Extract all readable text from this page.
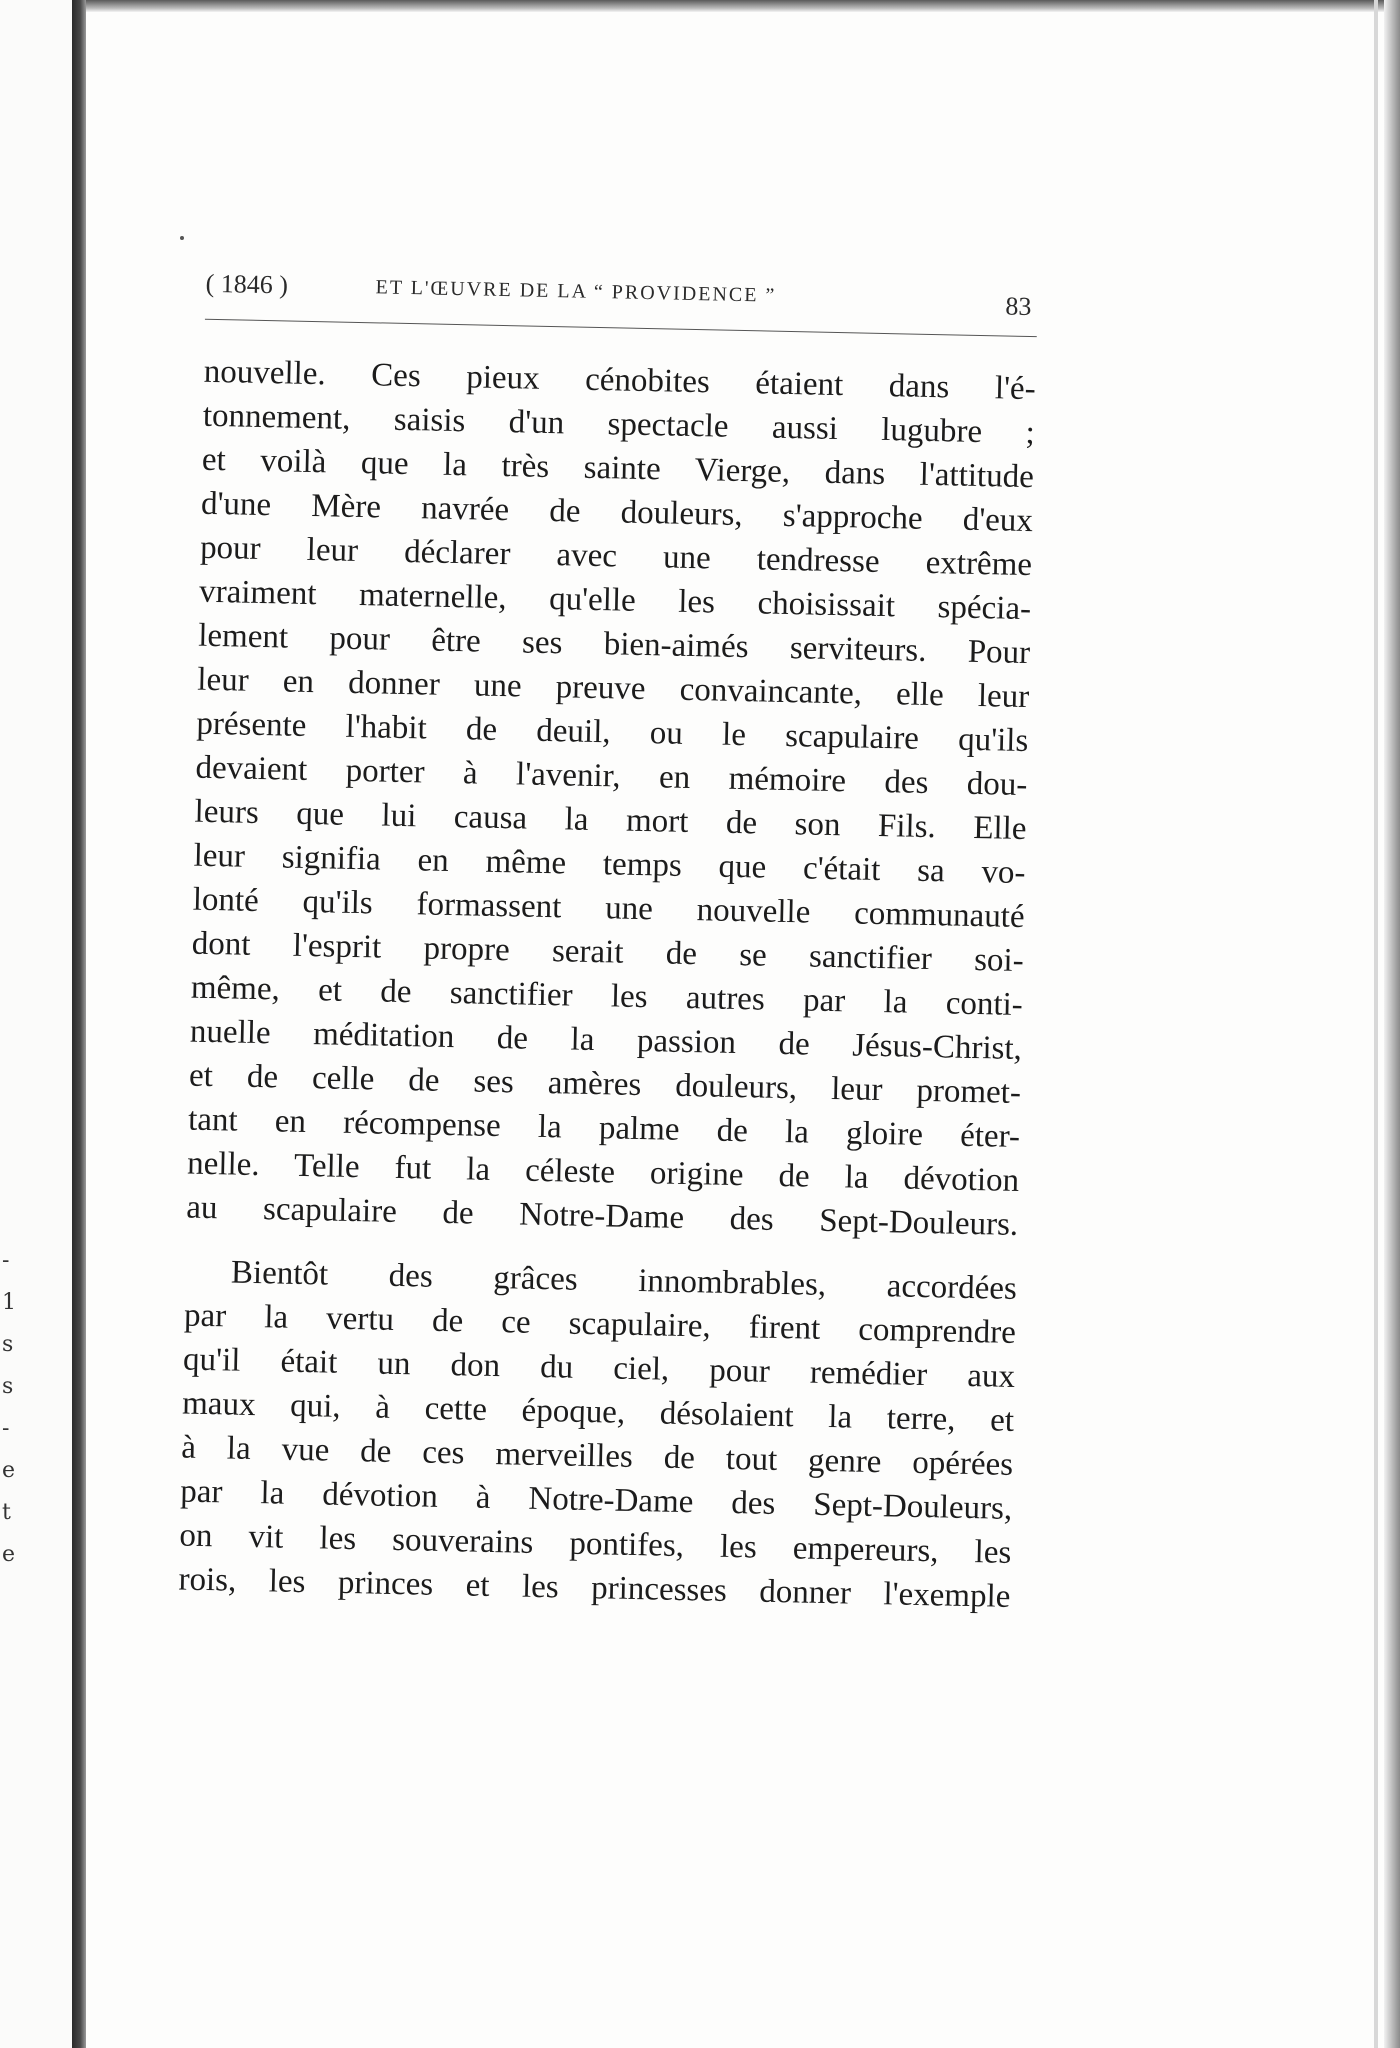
-
1
s
s
-
e
t
e
( 1846 )	ET L'ŒUVRE DE LA “ PROVIDENCE ”	83
nouvelle. Ces pieux cénobites étaient dans l'é-
tonnement, saisis d'un spectacle aussi lugubre ;
et voilà que la très sainte Vierge, dans l'attitude
d'une Mère navrée de douleurs, s'approche d'eux
pour leur déclarer avec une tendresse extrême
vraiment maternelle, qu'elle les choisissait spécia-
lement pour être ses bien-aimés serviteurs. Pour
leur en donner une preuve convaincante, elle leur
présente l'habit de deuil, ou le scapulaire qu'ils
devaient porter à l'avenir, en mémoire des dou-
leurs que lui causa la mort de son Fils. Elle
leur signifia en même temps que c'était sa vo-
lonté qu'ils formassent une nouvelle communauté
dont l'esprit propre serait de se sanctifier soi-
même, et de sanctifier les autres par la conti-
nuelle méditation de la passion de Jésus-Christ,
et de celle de ses amères douleurs, leur promet-
tant en récompense la palme de la gloire éter-
nelle. Telle fut la céleste origine de la dévotion
au scapulaire de Notre-Dame des Sept-Douleurs.
Bientôt des grâces innombrables, accordées
par la vertu de ce scapulaire, firent comprendre
qu'il était un don du ciel, pour remédier aux
maux qui, à cette époque, désolaient la terre, et
à la vue de ces merveilles de tout genre opérées
par la dévotion à Notre-Dame des Sept-Douleurs,
on vit les souverains pontifes, les empereurs, les
rois, les princes et les princesses donner l'exemple
